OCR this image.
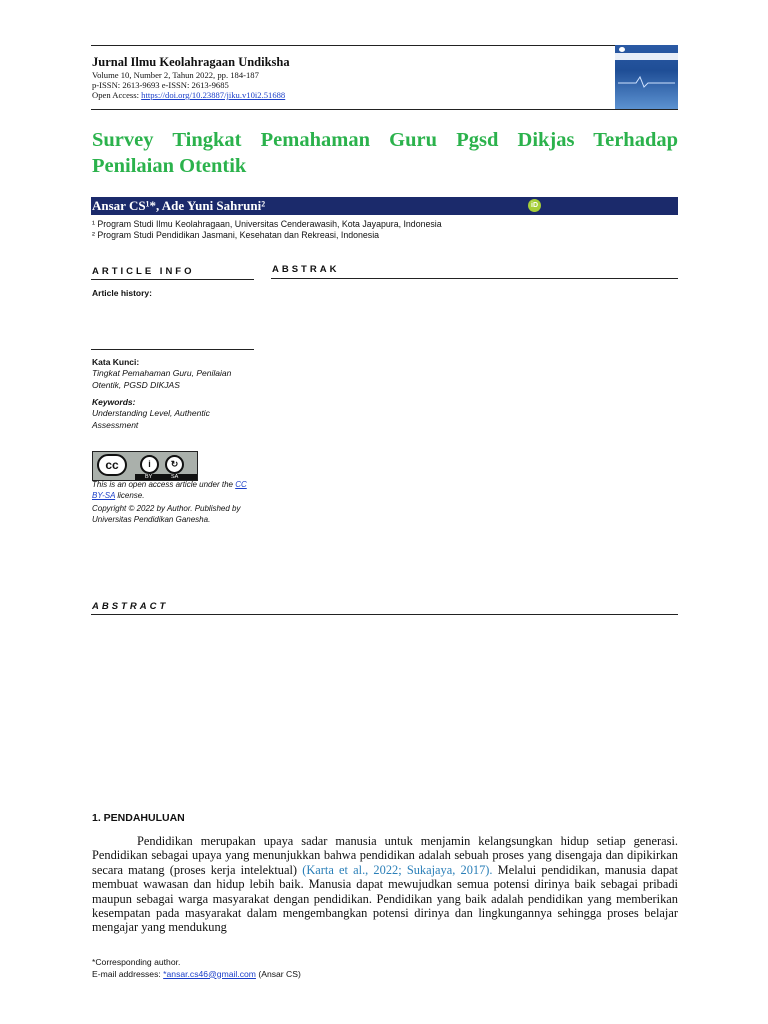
Jurnal Ilmu Keolahragaan Undiksha
Volume 10, Number 2, Tahun 2022, pp. 184-187
p-ISSN: 2613-9693 e-ISSN: 2613-9685
Open Access: https://doi.org/10.23887/jiku.v10i2.51688
Survey Tingkat Pemahaman Guru Pgsd Dikjas Terhadap Penilaian Otentik
Ansar CS¹*, Ade Yuni Sahruni²	iD
¹ Program Studi Ilmu Keolahragaan, Universitas Cenderawasih, Kota Jayapura, Indonesia
² Program Studi Pendidikan Jasmani, Kesehatan dan Rekreasi, Indonesia
ARTICLE INFO
Article history:
Kata Kunci:
Tingkat Pemahaman Guru, Penilaian Otentik, PGSD DIKJAS
Keywords:
Understanding Level, Authentic Assessment
cc	i	↻
BY	SA
This is an open access article under the CC BY-SA license.
Copyright © 2022 by Author. Published by Universitas Pendidikan Ganesha.
ABSTRAK
ABSTRACT
1. PENDAHULUAN

Pendidikan merupakan upaya sadar manusia untuk menjamin kelangsungkan hidup setiap generasi. Pendidikan sebagai upaya yang menunjukkan bahwa pendidikan adalah sebuah proses yang disengaja dan dipikirkan secara matang (proses kerja intelektual) (Karta et al., 2022; Sukajaya, 2017). Melalui pendidikan, manusia dapat membuat wawasan dan hidup lebih baik. Manusia dapat mewujudkan semua potensi dirinya baik sebagai pribadi maupun sebagai warga masyarakat dengan pendidikan. Pendidikan yang baik adalah pendidikan yang memberikan kesempatan pada masyarakat dalam mengembangkan potensi dirinya dan lingkungannya sehingga proses belajar mengajar yang mendukung

*Corresponding author.
E-mail addresses: *ansar.cs46@gmail.com (Ansar CS)
